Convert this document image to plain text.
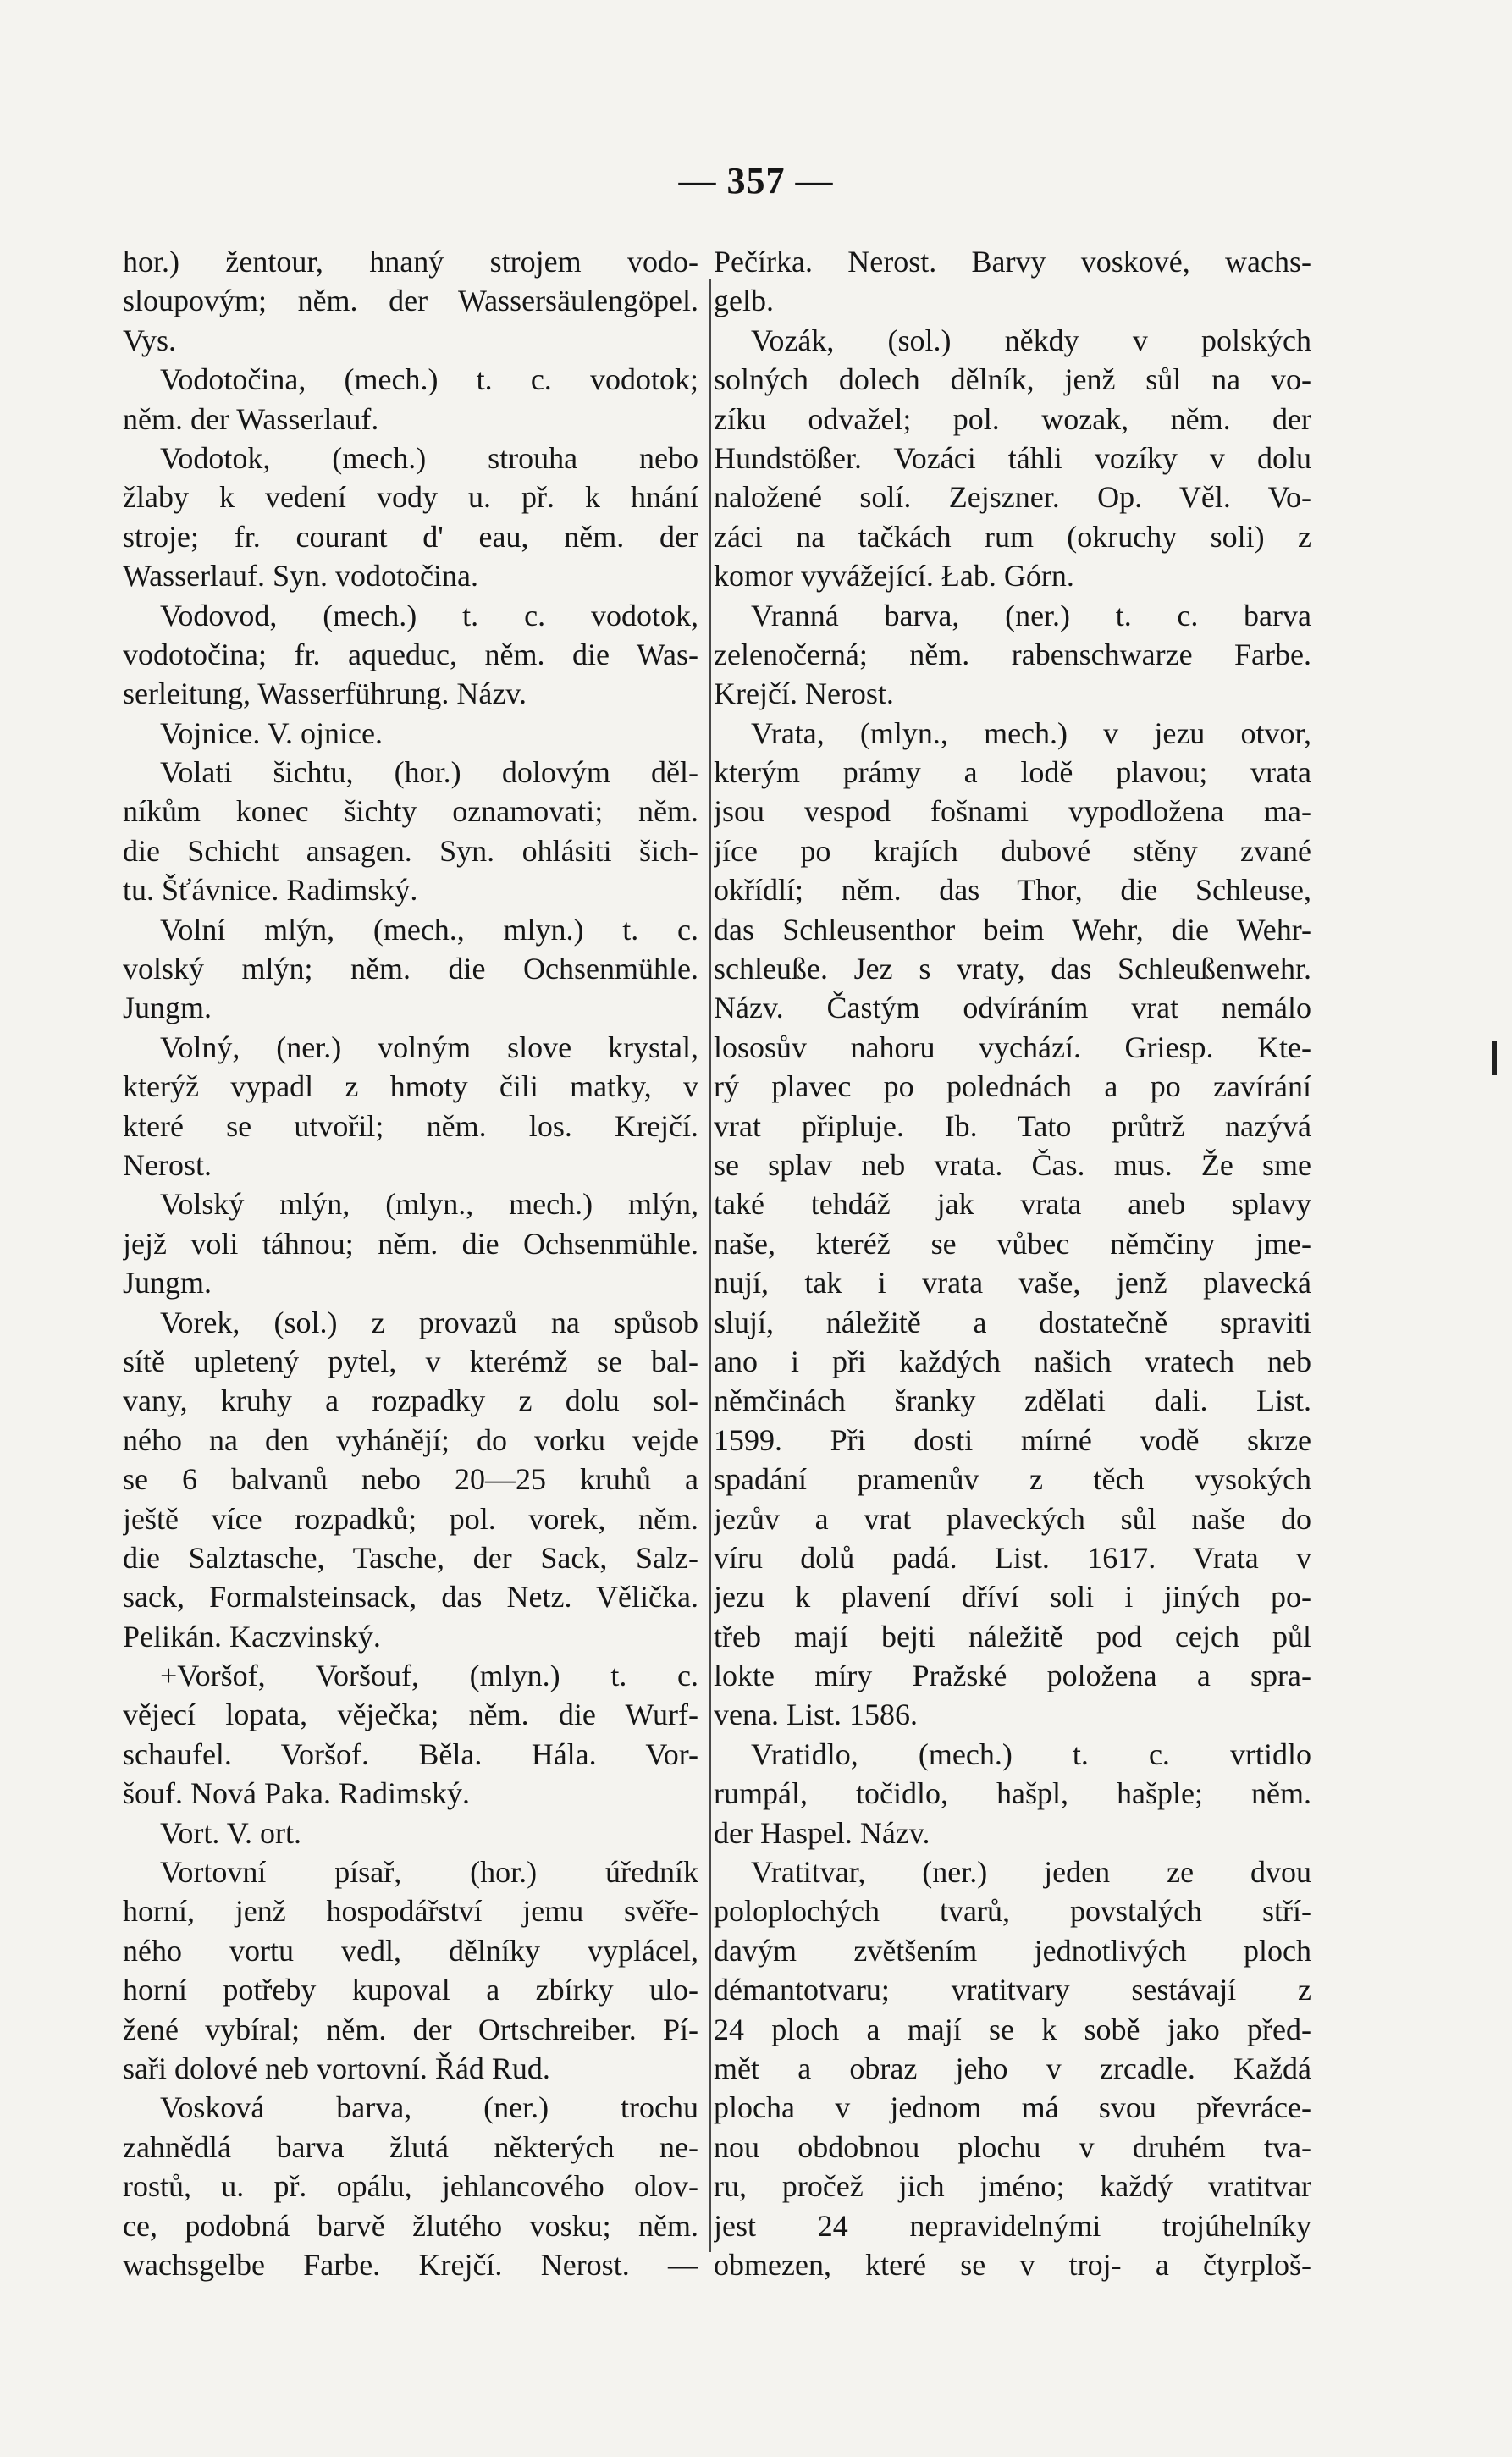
— 357 —
hor.) žentour, hnaný strojem vodo-
sloupovým; něm. der Wassersäulengöpel.
Vys.
Vodotočina, (mech.) t. c. vodotok;
něm. der Wasserlauf.
Vodotok, (mech.) strouha nebo
žlaby k vedení vody u. př. k hnání
stroje; fr. courant d' eau, něm. der
Wasserlauf. Syn. vodotočina.
Vodovod, (mech.) t. c. vodotok,
vodotočina; fr. aqueduc, něm. die Was-
serleitung, Wasserführung. Názv.
Vojnice. V. ojnice.
Volati šichtu, (hor.) dolovým děl-
níkům konec šichty oznamovati; něm.
die Schicht ansagen. Syn. ohlásiti šich-
tu. Šťávnice. Radimský.
Volní mlýn, (mech., mlyn.) t. c.
volský mlýn; něm. die Ochsenmühle.
Jungm.
Volný, (ner.) volným slove krystal,
kterýž vypadl z hmoty čili matky, v
které se utvořil; něm. los. Krejčí.
Nerost.
Volský mlýn, (mlyn., mech.) mlýn,
jejž voli táhnou; něm. die Ochsenmühle.
Jungm.
Vorek, (sol.) z provazů na spůsob
sítě upletený pytel, v kterémž se bal-
vany, kruhy a rozpadky z dolu sol-
ného na den vyhánějí; do vorku vejde
se 6 balvanů nebo 20—25 kruhů a
ještě více rozpadků; pol. vorek, něm.
die Salztasche, Tasche, der Sack, Salz-
sack, Formalsteinsack, das Netz. Vělička.
Pelikán. Kaczvinský.
+Voršof, Voršouf, (mlyn.) t. c.
vějecí lopata, věječka; něm. die Wurf-
schaufel. Voršof. Běla. Hála. Vor-
šouf. Nová Paka. Radimský.
Vort. V. ort.
Vortovní písař, (hor.) úředník
horní, jenž hospodářství jemu svěře-
ného vortu vedl, dělníky vyplácel,
horní potřeby kupoval a zbírky ulo-
žené vybíral; něm. der Ortschreiber. Pí-
saři dolové neb vortovní. Řád Rud.
Vosková barva, (ner.) trochu
zahnědlá barva žlutá některých ne-
rostů, u. př. opálu, jehlancového olov-
ce, podobná barvě žlutého vosku; něm.
wachsgelbe Farbe. Krejčí. Nerost. —
Pečírka. Nerost. Barvy voskové, wachs-
gelb.
Vozák, (sol.) někdy v polských
solných dolech dělník, jenž sůl na vo-
zíku odvažel; pol. wozak, něm. der
Hundstößer. Vozáci táhli vozíky v dolu
naložené solí. Zejszner. Op. Věl. Vo-
záci na tačkách rum (okruchy soli) z
komor vyvážející. Łab. Górn.
Vranná barva, (ner.) t. c. barva
zelenočerná; něm. rabenschwarze Farbe.
Krejčí. Nerost.
Vrata, (mlyn., mech.) v jezu otvor,
kterým prámy a lodě plavou; vrata
jsou vespod fošnami vypodložena ma-
jíce po krajích dubové stěny zvané
okřídlí; něm. das Thor, die Schleuse,
das Schleusenthor beim Wehr, die Wehr-
schleuße. Jez s vraty, das Schleußenwehr.
Názv. Častým odvíráním vrat nemálo
lososův nahoru vychází. Griesp. Kte-
rý plavec po polednách a po zavírání
vrat připluje. Ib. Tato průtrž nazývá
se splav neb vrata. Čas. mus. Že sme
také tehdáž jak vrata aneb splavy
naše, kteréž se vůbec němčiny jme-
nují, tak i vrata vaše, jenž plavecká
slují, náležitě a dostatečně spraviti
ano i při každých našich vratech neb
němčinách šranky zdělati dali. List.
1599. Při dosti mírné vodě skrze
spadání pramenův z těch vysokých
jezův a vrat plaveckých sůl naše do
víru dolů padá. List. 1617. Vrata v
jezu k plavení dříví soli i jiných po-
třeb mají bejti náležitě pod cejch půl
lokte míry Pražské položena a spra-
vena. List. 1586.
Vratidlo, (mech.) t. c. vrtidlo
rumpál, točidlo, hašpl, hašple; něm.
der Haspel. Názv.
Vratitvar, (ner.) jeden ze dvou
poloplochých tvarů, povstalých stří-
davým zvětšením jednotlivých ploch
démantotvaru; vratitvary sestávají z
24 ploch a mají se k sobě jako před-
mět a obraz jeho v zrcadle. Každá
plocha v jednom má svou převrácе-
nou obdobnou plochu v druhém tva-
ru, pročež jich jméno; každý vratitvar
jest 24 nepravidelnými trojúhelníky
obmezen, které se v troj- a čtyrploš-
